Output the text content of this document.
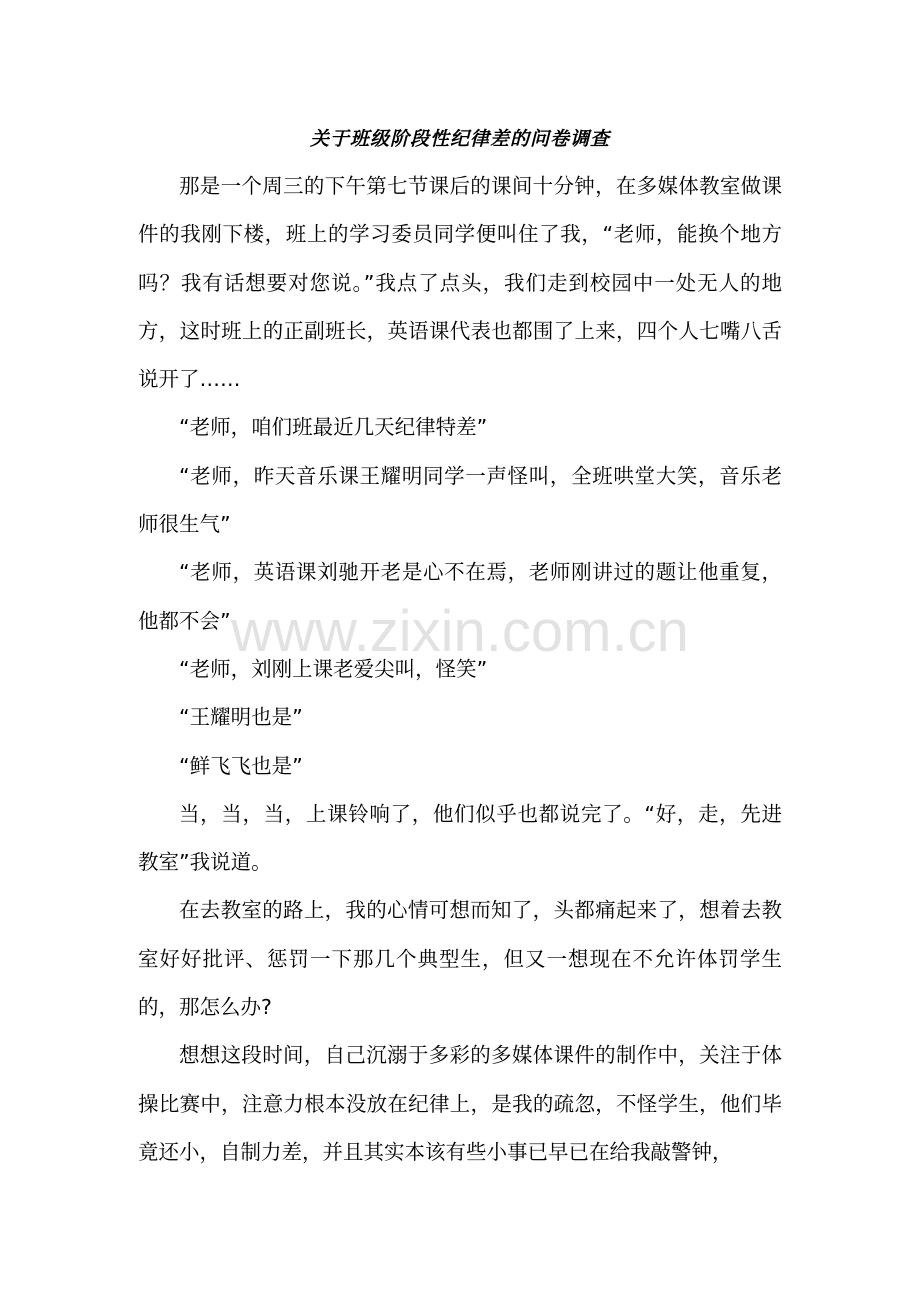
关于班级阶段性纪律差的问卷调查

那是一个周三的下午第七节课后的课间十分钟，在多媒体教室做课件的我刚下楼，班上的学习委员同学便叫住了我，“老师，能换个地方吗？我有话想要对您说。”我点了点头，我们走到校园中一处无人的地方，这时班上的正副班长，英语课代表也都围了上来，四个人七嘴八舌说开了……

“老师，咱们班最近几天纪律特差”

“老师，昨天音乐课王耀明同学一声怪叫，全班哄堂大笑，音乐老师很生气”

“老师，英语课刘驰开老是心不在焉，老师刚讲过的题让他重复，他都不会”

“老师，刘刚上课老爱尖叫，怪笑”

“王耀明也是”

“鲜飞飞也是”

当，当，当，上课铃响了，他们似乎也都说完了。“好，走，先进教室”我说道。

在去教室的路上，我的心情可想而知了，头都痛起来了，想着去教室好好批评、惩罚一下那几个典型生，但又一想现在不允许体罚学生的，那怎么办?

想想这段时间，自己沉溺于多彩的多媒体课件的制作中，关注于体操比赛中，注意力根本没放在纪律上，是我的疏忽，不怪学生，他们毕竟还小，自制力差，并且其实本该有些小事已早已在给我敲警钟，

www.zixin.com.cn
